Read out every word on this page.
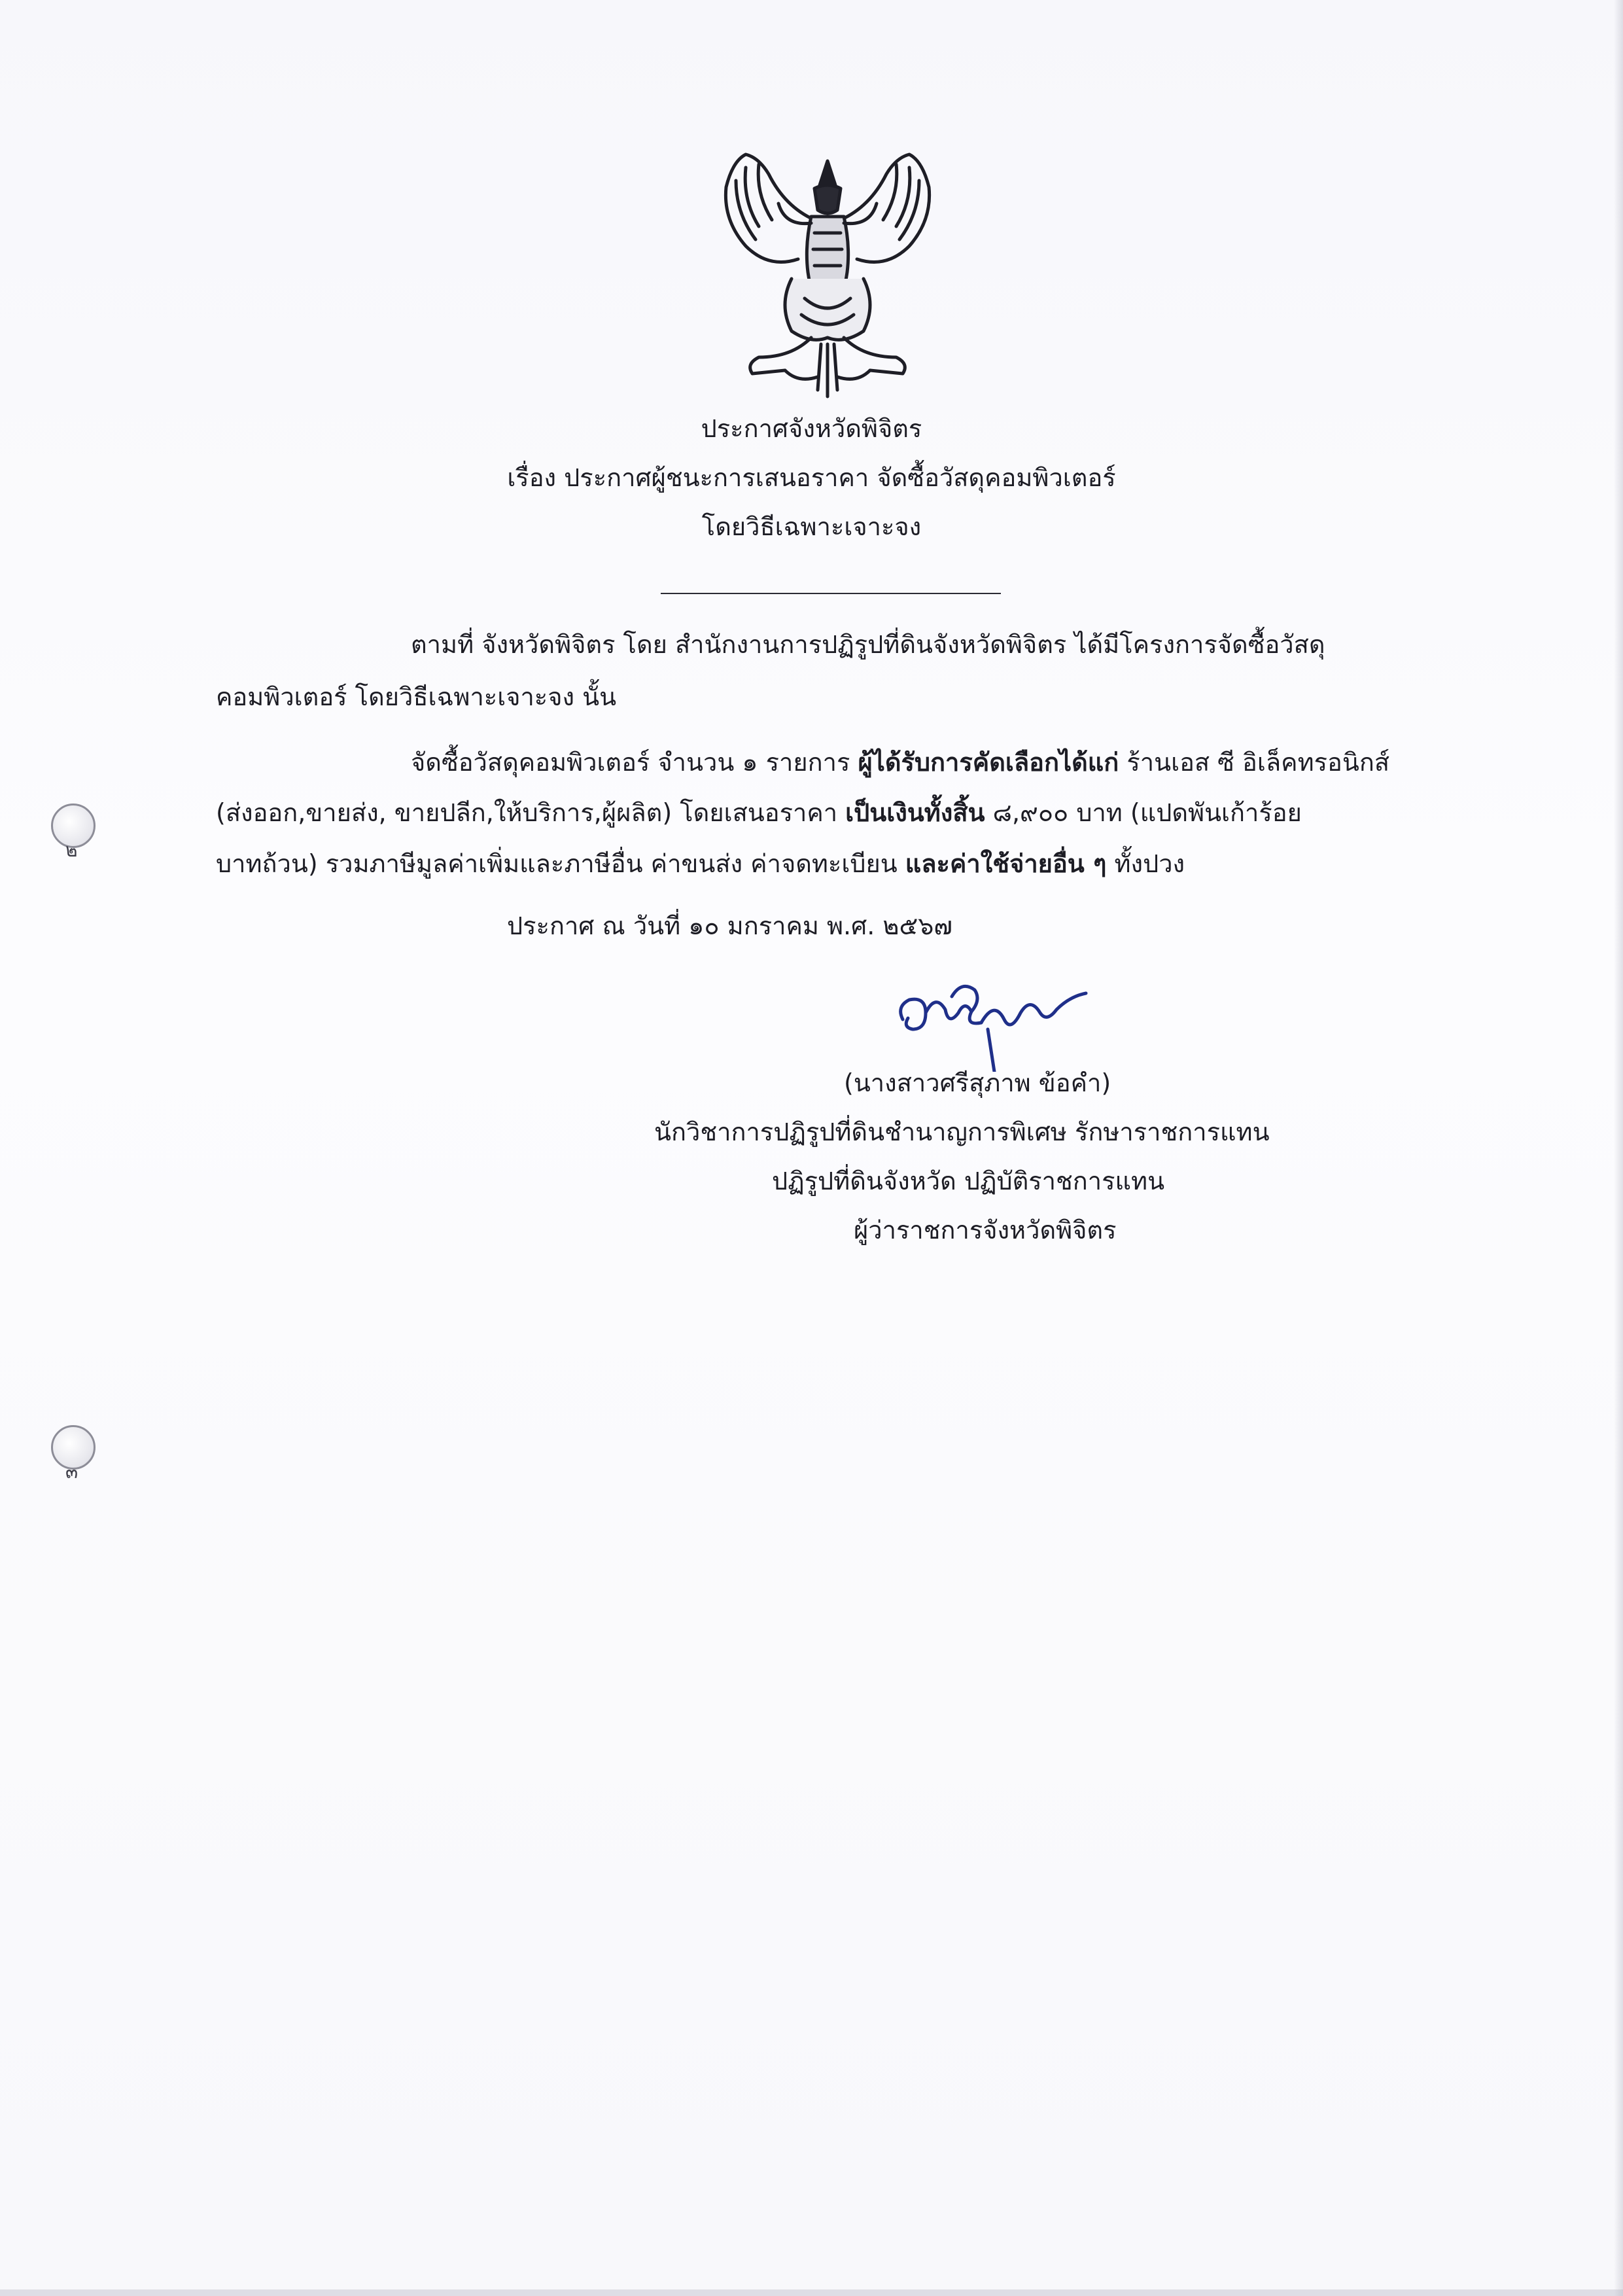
ประกาศจังหวัดพิจิตร
เรื่อง ประกาศผู้ชนะการเสนอราคา จัดซื้อวัสดุคอมพิวเตอร์
โดยวิธีเฉพาะเจาะจง
ตามที่ จังหวัดพิจิตร โดย สำนักงานการปฏิรูปที่ดินจังหวัดพิจิตร ได้มีโครงการจัดซื้อวัสดุ
คอมพิวเตอร์ โดยวิธีเฉพาะเจาะจง นั้น
จัดซื้อวัสดุคอมพิวเตอร์ จำนวน ๑ รายการ ผู้ได้รับการคัดเลือกได้แก่ ร้านเอส ซี อิเล็คทรอนิกส์
(ส่งออก,ขายส่ง, ขายปลีก,ให้บริการ,ผู้ผลิต) โดยเสนอราคา เป็นเงินทั้งสิ้น ๘,๙๐๐ บาท (แปดพันเก้าร้อย
บาทถ้วน) รวมภาษีมูลค่าเพิ่มและภาษีอื่น ค่าขนส่ง ค่าจดทะเบียน และค่าใช้จ่ายอื่น ๆ ทั้งปวง
ประกาศ ณ วันที่ ๑๐ มกราคม พ.ศ. ๒๕๖๗
(นางสาวศรีสุภาพ ข้อคำ)
นักวิชาการปฏิรูปที่ดินชำนาญการพิเศษ รักษาราชการแทน
ปฏิรูปที่ดินจังหวัด ปฏิบัติราชการแทน
ผู้ว่าราชการจังหวัดพิจิตร
๒
๓
